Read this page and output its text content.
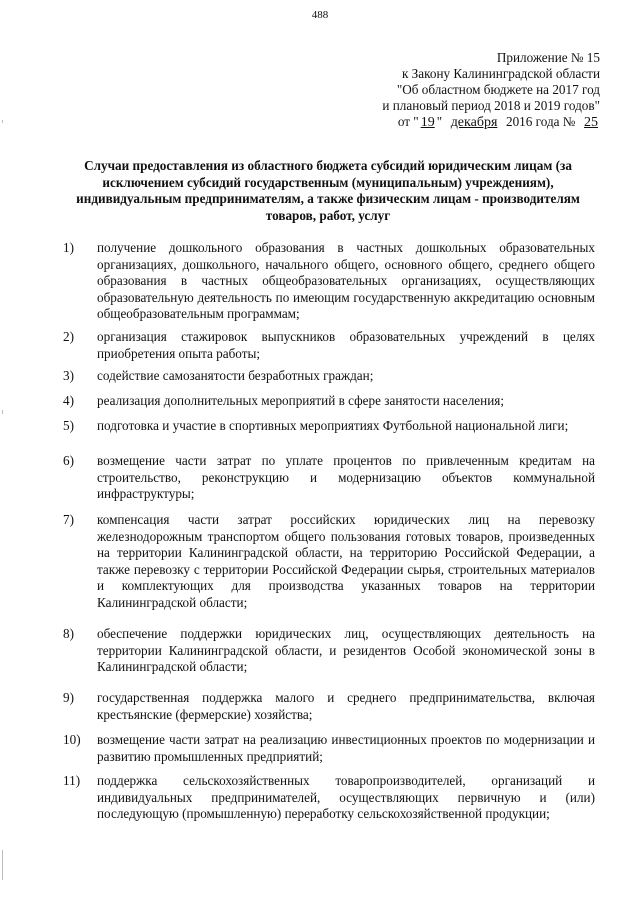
488
Приложение № 15
к Закону Калининградской области
"Об областном бюджете на 2017 год
и плановый период 2018 и 2019 годов"
от " 19 " декабря 2016 года № 25
Случаи предоставления из областного бюджета субсидий юридическим лицам (за исключением субсидий государственным (муниципальным) учреждениям), индивидуальным предпринимателям, а также физическим лицам - производителям товаров, работ, услуг
1) получение дошкольного образования в частных дошкольных образовательных организациях, дошкольного, начального общего, основного общего, среднего общего образования в частных общеобразовательных организациях, осуществляющих образовательную деятельность по имеющим государственную аккредитацию основным общеобразовательным программам;
2) организация стажировок выпускников образовательных учреждений в целях приобретения опыта работы;
3) содействие самозанятости безработных граждан;
4) реализация дополнительных мероприятий в сфере занятости населения;
5) подготовка и участие в спортивных мероприятиях Футбольной национальной лиги;
6) возмещение части затрат по уплате процентов по привлеченным кредитам на строительство, реконструкцию и модернизацию объектов коммунальной инфраструктуры;
7) компенсация части затрат российских юридических лиц на перевозку железнодорожным транспортом общего пользования готовых товаров, произведенных на территории Калининградской области, на территорию Российской Федерации, а также перевозку с территории Российской Федерации сырья, строительных материалов и комплектующих для производства указанных товаров на территории Калининградской области;
8) обеспечение поддержки юридических лиц, осуществляющих деятельность на территории Калининградской области, и резидентов Особой экономической зоны в Калининградской области;
9) государственная поддержка малого и среднего предпринимательства, включая крестьянские (фермерские) хозяйства;
10) возмещение части затрат на реализацию инвестиционных проектов по модернизации и развитию промышленных предприятий;
11) поддержка сельскохозяйственных товаропроизводителей, организаций и индивидуальных предпринимателей, осуществляющих первичную и (или) последующую (промышленную) переработку сельскохозяйственной продукции;
